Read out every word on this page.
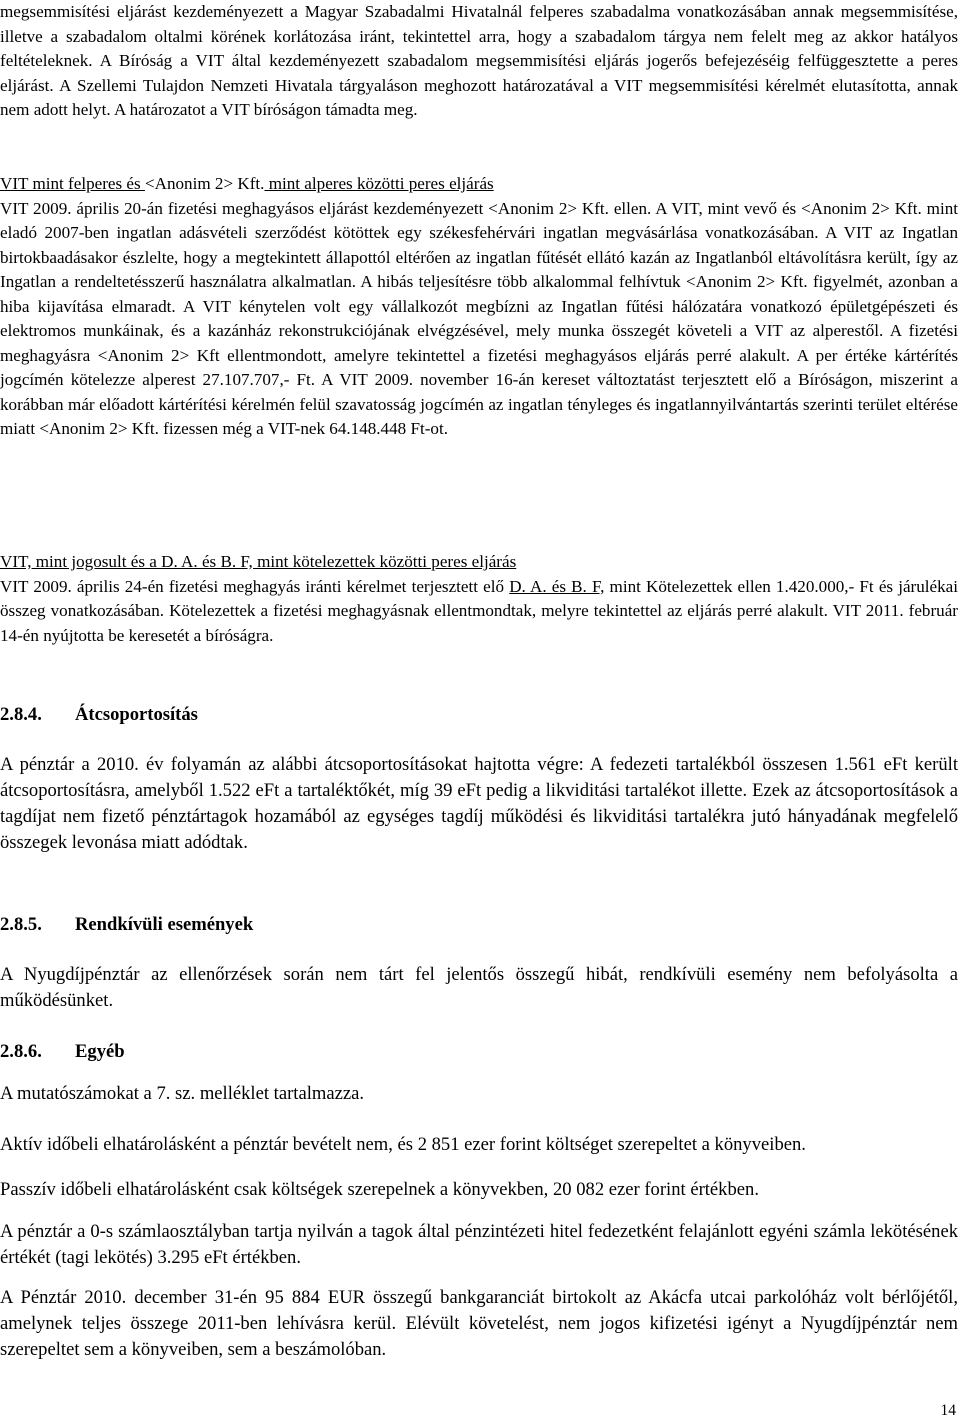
megsemmisítési eljárást kezdeményezett a Magyar Szabadalmi Hivatalnál felperes szabadalma vonatkozásában annak megsemmisítése, illetve a szabadalom oltalmi körének korlátozása iránt, tekintettel arra, hogy a szabadalom tárgya nem felelt meg az akkor hatályos feltételeknek. A Bíróság a VIT által kezdeményezett szabadalom megsemmisítési eljárás jogerős befejezéséig felfüggesztette a peres eljárást. A Szellemi Tulajdon Nemzeti Hivatala tárgyaláson meghozott határozatával a VIT megsemmisítési kérelmét elutasította, annak nem adott helyt. A határozatot a VIT bíróságon támadta meg.

VIT mint felperes és <Anonim 2> Kft. mint alperes közötti peres eljárás

VIT 2009. április 20-án fizetési meghagyásos eljárást kezdeményezett <Anonim 2> Kft. ellen. A VIT, mint vevő és <Anonim 2> Kft. mint eladó 2007-ben ingatlan adásvételi szerződést kötöttek egy székesfehérvári ingatlan megvásárlása vonatkozásában. A VIT az Ingatlan birtokbaadásakor észlelte, hogy a megtekintett állapottól eltérően az ingatlan fűtését ellátó kazán az Ingatlanból eltávolításra került, így az Ingatlan a rendeltetésszerű használatra alkalmatlan. A hibás teljesítésre több alkalommal felhívtuk <Anonim 2> Kft. figyelmét, azonban a hiba kijavítása elmaradt. A VIT kénytelen volt egy vállalkozót megbízni az Ingatlan fűtési hálózatára vonatkozó épületgépészeti és elektromos munkáinak, és a kazánház rekonstrukciójának elvégzésével, mely munka összegét követeli a VIT az alperestől. A fizetési meghagyásra <Anonim 2> Kft ellentmondott, amelyre tekintettel a fizetési meghagyásos eljárás perré alakult. A per értéke kártérítés jogcímén kötelezze alperest 27.107.707,- Ft. A VIT 2009. november 16-án kereset változtatást terjesztett elő a Bíróságon, miszerint a korábban már előadott kártérítési kérelmén felül szavatosság jogcímén az ingatlan tényleges és ingatlannyilvántartás szerinti terület eltérése miatt <Anonim 2> Kft. fizessen még a VIT-nek 64.148.448 Ft-ot.

VIT, mint jogosult és a D. A. és B. F, mint kötelezettek közötti peres eljárás

VIT 2009. április 24-én fizetési meghagyás iránti kérelmet terjesztett elő D. A. és B. F, mint Kötelezettek ellen 1.420.000,- Ft és járulékai összeg vonatkozásában. Kötelezettek a fizetési meghagyásnak ellentmondtak, melyre tekintettel az eljárás perré alakult. VIT 2011. február 14-én nyújtotta be keresetét a bíróságra.

2.8.4. Átcsoportosítás

A pénztár a 2010. év folyamán az alábbi átcsoportosításokat hajtotta végre: A fedezeti tartalékból összesen 1.561 eFt került átcsoportosításra, amelyből 1.522 eFt a tartaléktőkét, míg 39 eFt pedig a likviditási tartalékot illette. Ezek az átcsoportosítások a tagdíjat nem fizető pénztártagok hozamából az egységes tagdíj működési és likviditási tartalékra jutó hányadának megfelelő összegek levonása miatt adódtak.

2.8.5. Rendkívüli események

A Nyugdíjpénztár az ellenőrzések során nem tárt fel jelentős összegű hibát, rendkívüli esemény nem befolyásolta a működésünket.

2.8.6. Egyéb
A mutatószámokat a 7. sz. melléklet tartalmazza.
Aktív időbeli elhatárolásként a pénztár bevételt nem, és 2 851 ezer forint költséget szerepeltet a könyveiben.
Passzív időbeli elhatárolásként csak költségek szerepelnek a könyvekben, 20 082 ezer forint értékben.

A pénztár a 0-s számlaosztályban tartja nyilván a tagok által pénzintézeti hitel fedezetként felajánlott egyéni számla lekötésének értékét (tagi lekötés) 3.295 eFt értékben.

A Pénztár 2010. december 31-én 95 884 EUR összegű bankgaranciát birtokolt az Akácfa utcai parkolóház volt bérlőjétől, amelynek teljes összege 2011-ben lehívásra kerül. Elévült követelést, nem jogos kifizetési igényt a Nyugdíjpénztár nem szerepeltet sem a könyveiben, sem a beszámolóban.

14
